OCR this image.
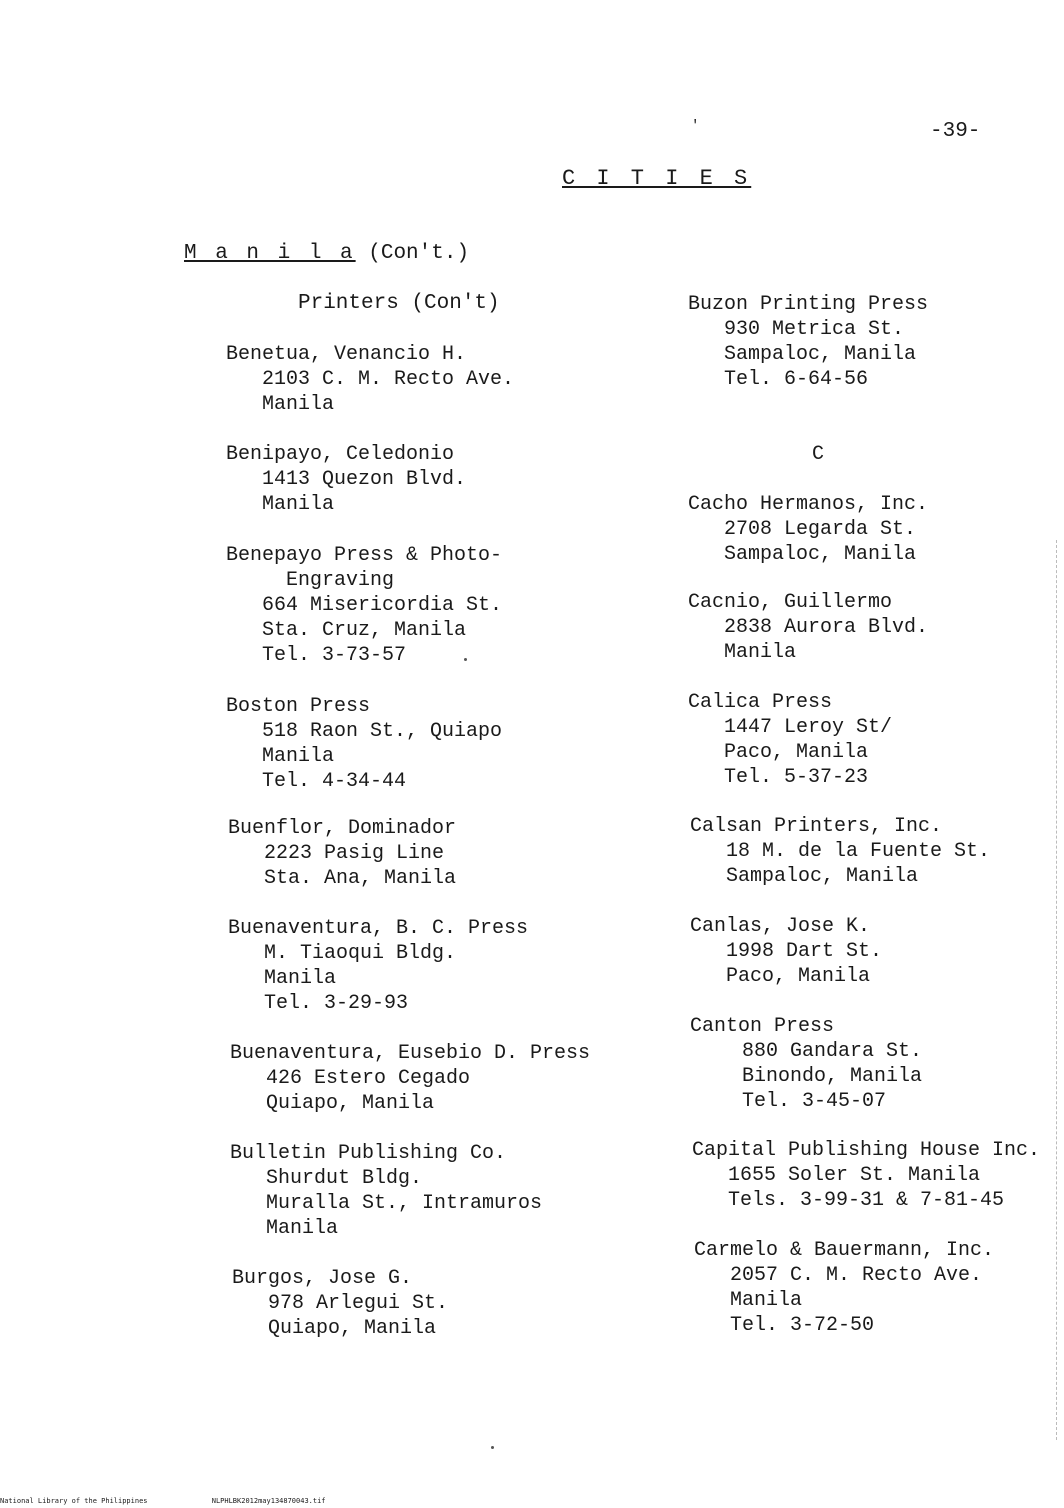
'	-39-
C I T I E S
M a n i l a (Con't.)
Printers (Con't)
Benetua, Venancio H.
2103 C. M. Recto Ave.
Manila
Benipayo, Celedonio
1413 Quezon Blvd.
Manila
Benepayo Press & Photo-
Engraving
664 Misericordia St.
Sta. Cruz, Manila
Tel. 3-73-57
Boston Press
518 Raon St., Quiapo
Manila
Tel. 4-34-44
Buenflor, Dominador
2223 Pasig Line
Sta. Ana, Manila
Buenaventura, B. C. Press
M. Tiaoqui Bldg.
Manila
Tel. 3-29-93
Buenaventura, Eusebio D. Press
426 Estero Cegado
Quiapo, Manila
Bulletin Publishing Co.
Shurdut Bldg.
Muralla St., Intramuros
Manila
Burgos, Jose G.
978 Arlegui St.
Quiapo, Manila
Buzon Printing Press
930 Metrica St.
Sampaloc, Manila
Tel. 6-64-56
C
Cacho Hermanos, Inc.
2708 Legarda St.
Sampaloc, Manila
Cacnio, Guillermo
2838 Aurora Blvd.
Manila
Calica Press
1447 Leroy St/
Paco, Manila
Tel. 5-37-23
Calsan Printers, Inc.
18 M. de la Fuente St.
Sampaloc, Manila
Canlas, Jose K.
1998 Dart St.
Paco, Manila
Canton Press
880 Gandara St.
Binondo, Manila
Tel. 3-45-07
Capital Publishing House Inc.
1655 Soler St. Manila
Tels. 3-99-31 & 7-81-45
Carmelo & Bauermann, Inc.
2057 C. M. Recto Ave.
Manila
Tel. 3-72-50
National Library of the Philippines	NLPHLBK2012may134870043.tif
